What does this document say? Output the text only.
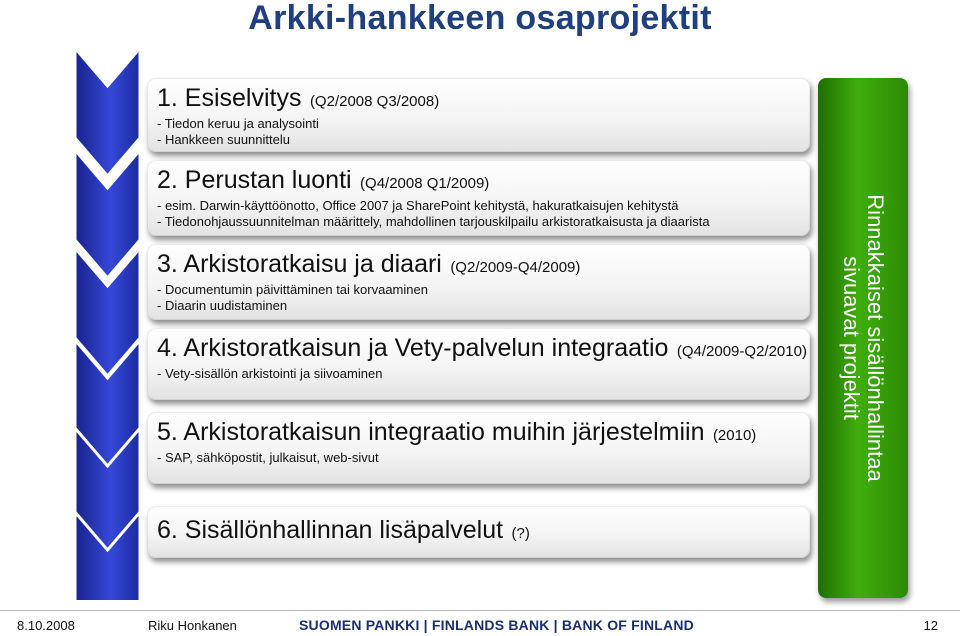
Arkki-hankkeen osaprojektit
1. Esiselvitys (Q2/2008 Q3/2008)
- Tiedon keruu ja analysointi
- Hankkeen suunnittelu
2. Perustan luonti (Q4/2008 Q1/2009)
- esim. Darwin-käyttöönotto, Office 2007 ja SharePoint kehitystä, hakuratkaisujen kehitystä
- Tiedonohjaussuunnitelman määrittely, mahdollinen tarjouskilpailu arkistoratkaisusta ja diaarista
3. Arkistoratkaisu ja diaari (Q2/2009-Q4/2009)
- Documentumin päivittäminen tai korvaaminen
- Diaarin uudistaminen
4. Arkistoratkaisun ja Vety-palvelun integraatio (Q4/2009-Q2/2010)
- Vety-sisällön arkistointi ja siivoaminen
5. Arkistoratkaisun integraatio muihin järjestelmiin (2010)
- SAP, sähköpostit, julkaisut, web-sivut
6. Sisällönhallinnan lisäpalvelut (?)
Rinnakkaiset sisällönhallintaa
sivuavat projektit
8.10.2008	Riku Honkanen	SUOMEN PANKKI | FINLANDS BANK | BANK OF FINLAND	12
